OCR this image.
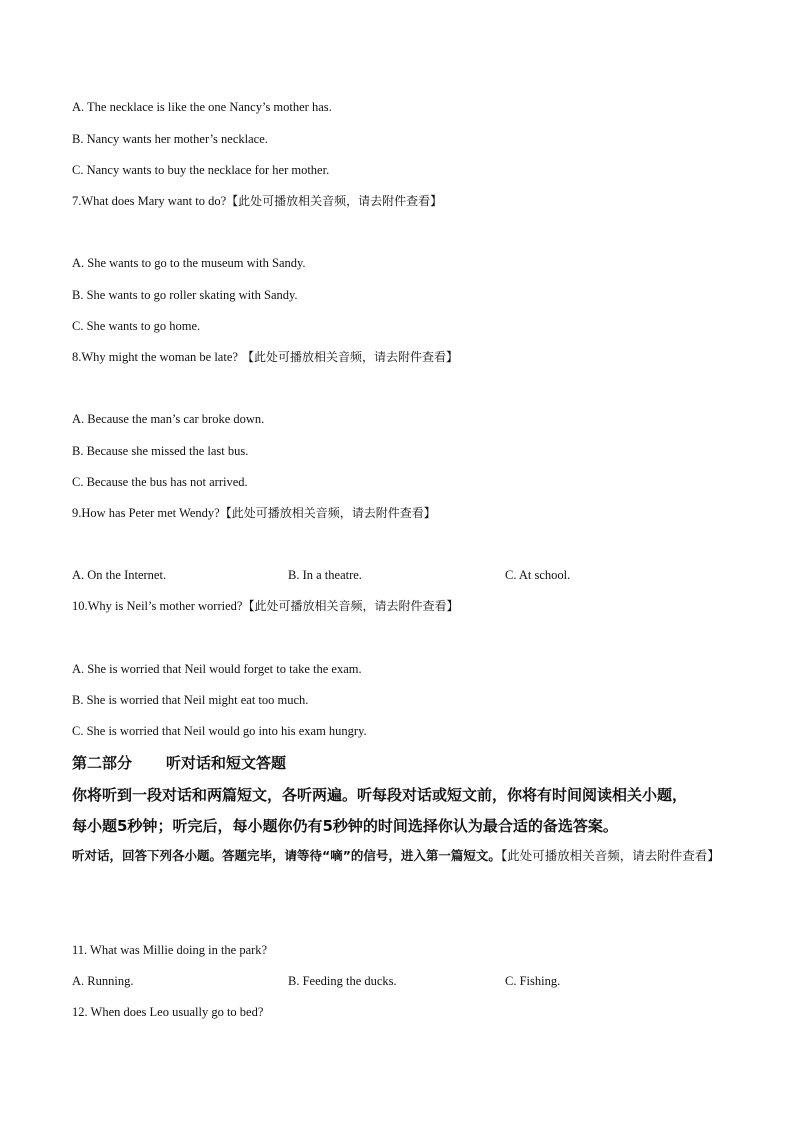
A. The necklace is like the one Nancy’s mother has.
B. Nancy wants her mother’s necklace.
C. Nancy wants to buy the necklace for her mother.
7.What does Mary want to do?【此处可播放相关音频，请去附件查看】
A. She wants to go to the museum with Sandy.
B. She wants to go roller skating with Sandy.
C. She wants to go home.
8.Why might the woman be late? 【此处可播放相关音频，请去附件查看】
A. Because the man’s car broke down.
B. Because she missed the last bus.
C. Because the bus has not arrived.
9.How has Peter met Wendy?【此处可播放相关音频，请去附件查看】
A. On the Internet.	B. In a theatre.	C. At school.
10.Why is Neil’s mother worried?【此处可播放相关音频，请去附件查看】
A. She is worried that Neil would forget to take the exam.
B. She is worried that Neil might eat too much.
C. She is worried that Neil would go into his exam hungry.
第二部分 听对话和短文答题
你将听到一段对话和两篇短文，各听两遍。听每段对话或短文前，你将有时间阅读相关小题，
每小题5秒钟；听完后，每小题你仍有5秒钟的时间选择你认为最合适的备选答案。
听对话，回答下列各小题。答题完毕，请等待“嘀”的信号，进入第一篇短文。【此处可播放相关音频，请去附件查看】
11. What was Millie doing in the park?
A. Running.	B. Feeding the ducks.	C. Fishing.
12. When does Leo usually go to bed?
